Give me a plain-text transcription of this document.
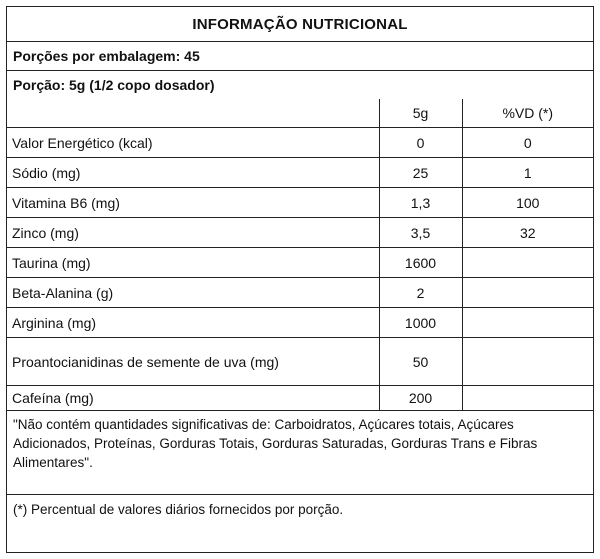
INFORMAÇÃO NUTRICIONAL
Porções por embalagem: 45
Porção: 5g (1/2 copo dosador)
	5g	%VD (*)
Valor Energético (kcal)	0	0
Sódio (mg)	25	1
Vitamina B6 (mg)	1,3	100
Zinco (mg)	3,5	32
Taurina (mg)	1600	
Beta-Alanina (g)	2	
Arginina (mg)	1000	
Proantocianidinas de semente de uva (mg)	50	
Cafeína (mg)	200	
"Não contém quantidades significativas de: Carboidratos, Açúcares totais, Açúcares Adicionados, Proteínas, Gorduras Totais, Gorduras Saturadas, Gorduras Trans e Fibras Alimentares".
(*) Percentual de valores diários fornecidos por porção.
